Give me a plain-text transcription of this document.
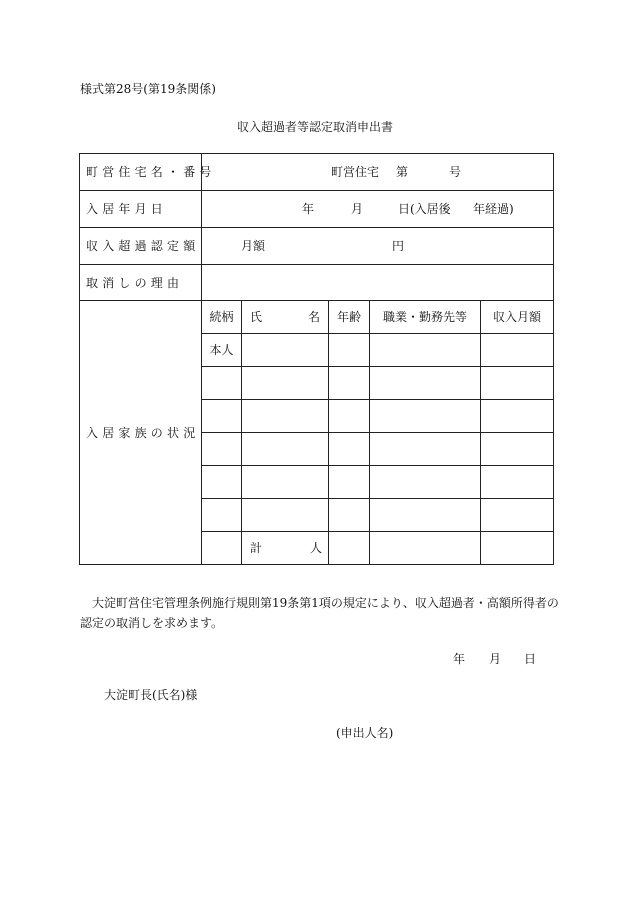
様式第28号(第19条関係)
収入超過者等認定取消申出書
町営住宅名・番号	町営住宅 第 号				

入居年月日	年 月 日(入居後 年経過)				

収入超過認定額	月額 円				

取消しの理由					
入居家族の状況	続柄	氏 名	年齢	職業・勤務先等	収入月額
	本人				

		計 人			

大淀町営住宅管理条例施行規則第19条第1項の規定により、収入超過者・高額所得者の認定の取消しを求めます。
年 月 日
大淀町長(氏名)様
(申出人名)
